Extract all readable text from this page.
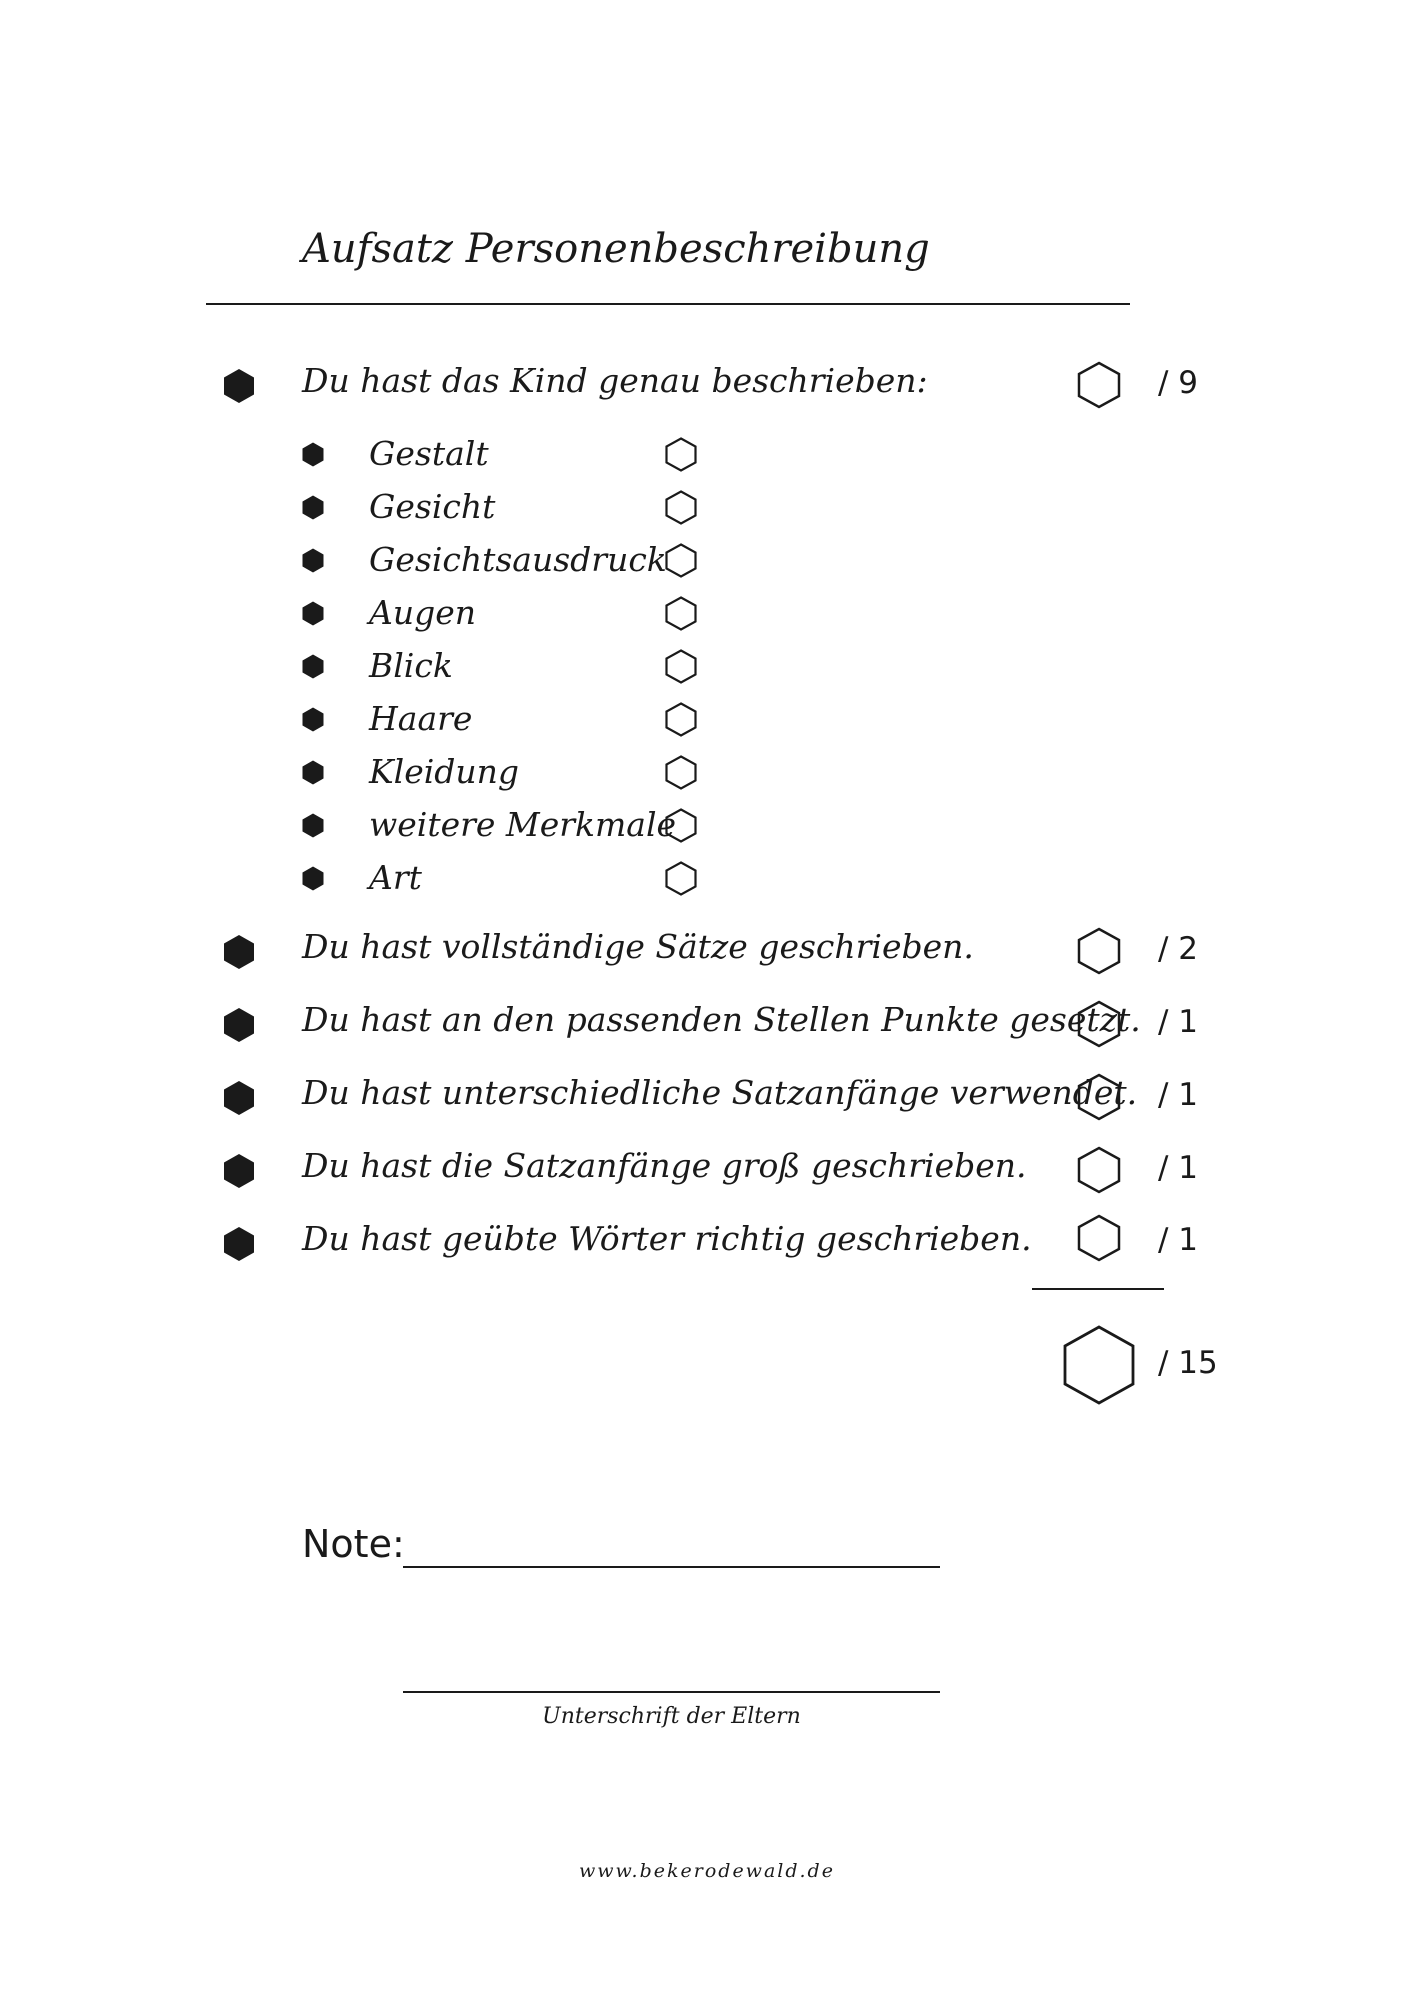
Aufsatz Personenbeschreibung
Du hast das Kind genau beschrieben:	/ 9
Gestalt
Gesicht
Gesichtsausdruck
Augen
Blick
Haare
Kleidung
weitere Merkmale
Art
Du hast vollständige Sätze geschrieben.	/ 2
Du hast an den passenden Stellen Punkte gesetzt. / 1
Du hast unterschiedliche Satzanfänge verwendet. / 1
Du hast die Satzanfänge groß geschrieben.	/ 1
Du hast geübte Wörter richtig geschrieben.	/ 1
/ 15
Note:
Unterschrift der Eltern
www.bekerodewald.de
